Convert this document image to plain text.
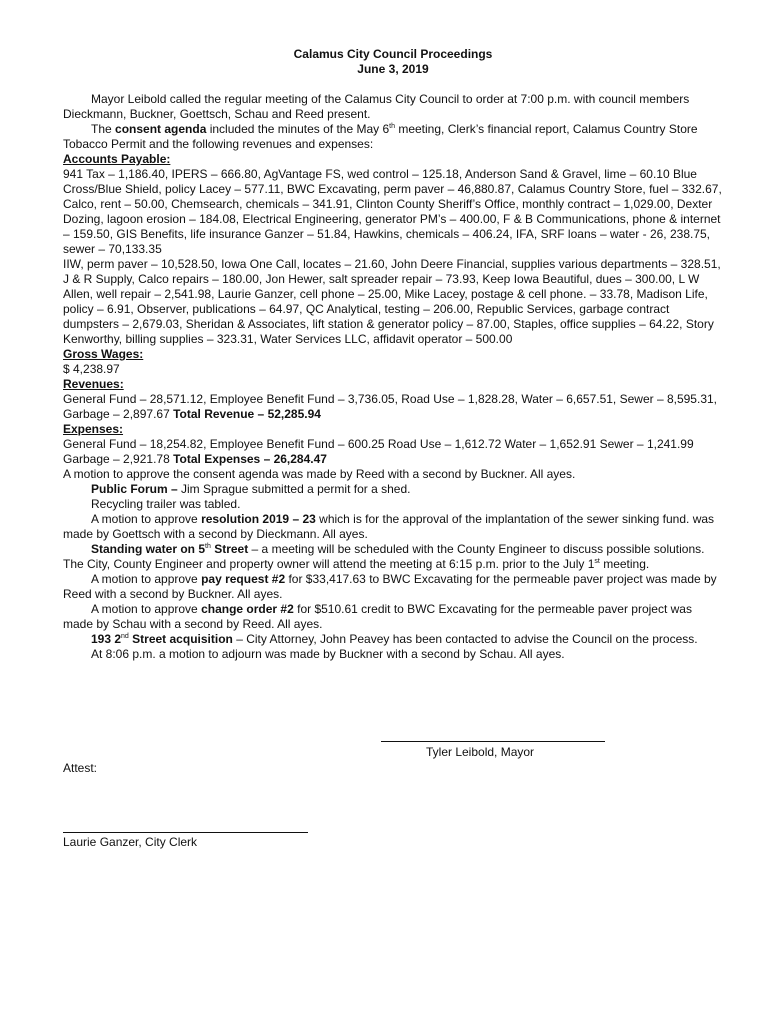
Calamus City Council Proceedings
June 3, 2019

Mayor Leibold called the regular meeting of the Calamus City Council to order at 7:00 p.m. with council members Dieckmann, Buckner, Goettsch, Schau and Reed present.

The consent agenda included the minutes of the May 6th meeting, Clerk’s financial report, Calamus Country Store Tobacco Permit and the following revenues and expenses:

Accounts Payable:

941 Tax – 1,186.40, IPERS – 666.80, AgVantage FS, wed control – 125.18, Anderson Sand & Gravel, lime – 60.10 Blue Cross/Blue Shield, policy Lacey – 577.11, BWC Excavating, perm paver – 46,880.87, Calamus Country Store, fuel – 332.67, Calco, rent – 50.00, Chemsearch, chemicals – 341.91, Clinton County Sheriff’s Office, monthly contract – 1,029.00, Dexter Dozing, lagoon erosion – 184.08, Electrical Engineering, generator PM’s – 400.00, F & B Communications, phone & internet – 159.50, GIS Benefits, life insurance Ganzer – 51.84, Hawkins, chemicals – 406.24, IFA, SRF loans – water - 26, 238.75, sewer – 70,133.35

IIW, perm paver – 10,528.50, Iowa One Call, locates – 21.60, John Deere Financial, supplies various departments – 328.51, J & R Supply, Calco repairs – 180.00, Jon Hewer, salt spreader repair – 73.93, Keep Iowa Beautiful, dues – 300.00, L W Allen, well repair – 2,541.98, Laurie Ganzer, cell phone – 25.00, Mike Lacey, postage & cell phone. – 33.78, Madison Life, policy – 6.91, Observer, publications – 64.97, QC Analytical, testing – 206.00, Republic Services, garbage contract dumpsters – 2,679.03, Sheridan & Associates, lift station & generator policy – 87.00, Staples, office supplies – 64.22, Story Kenworthy, billing supplies – 323.31, Water Services LLC, affidavit operator – 500.00

Gross Wages:
$ 4,238.97
Revenues:

General Fund – 28,571.12, Employee Benefit Fund – 3,736.05, Road Use – 1,828.28, Water – 6,657.51, Sewer – 8,595.31, Garbage – 2,897.67 Total Revenue – 52,285.94

Expenses:

General Fund – 18,254.82, Employee Benefit Fund – 600.25 Road Use – 1,612.72 Water – 1,652.91 Sewer – 1,241.99 Garbage – 2,921.78 Total Expenses – 26,284.47

A motion to approve the consent agenda was made by Reed with a second by Buckner. All ayes.

Public Forum – Jim Sprague submitted a permit for a shed.

Recycling trailer was tabled.

A motion to approve resolution 2019 – 23 which is for the approval of the implantation of the sewer sinking fund. was made by Goettsch with a second by Dieckmann. All ayes.

Standing water on 5th Street – a meeting will be scheduled with the County Engineer to discuss possible solutions. The City, County Engineer and property owner will attend the meeting at 6:15 p.m. prior to the July 1st meeting.

A motion to approve pay request #2 for $33,417.63 to BWC Excavating for the permeable paver project was made by Reed with a second by Buckner. All ayes.

A motion to approve change order #2 for $510.61 credit to BWC Excavating for the permeable paver project was made by Schau with a second by Reed. All ayes.

193 2nd Street acquisition – City Attorney, John Peavey has been contacted to advise the Council on the process.

At 8:06 p.m. a motion to adjourn was made by Buckner with a second by Schau. All ayes.

Tyler Leibold, Mayor
Attest:
Laurie Ganzer, City Clerk
